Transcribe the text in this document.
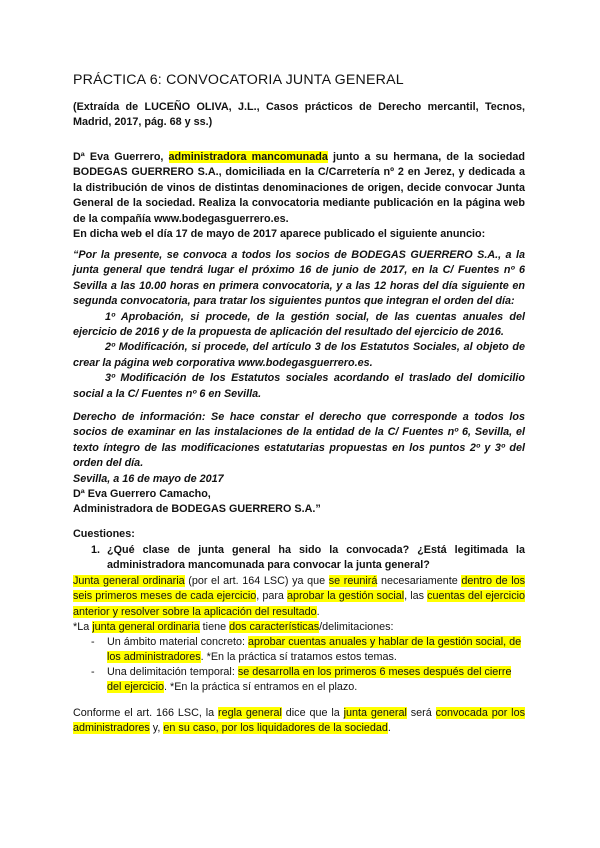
PRÁCTICA 6: CONVOCATORIA JUNTA GENERAL
(Extraída de LUCEÑO OLIVA, J.L., Casos prácticos de Derecho mercantil, Tecnos, Madrid, 2017, pág. 68 y ss.)
Dª Eva Guerrero, administradora mancomunada junto a su hermana, de la sociedad BODEGAS GUERRERO S.A., domiciliada en la C/Carretería nº 2 en Jerez, y dedicada a la distribución de vinos de distintas denominaciones de origen, decide convocar Junta General de la sociedad. Realiza la convocatoria mediante publicación en la página web de la compañía www.bodegasguerrero.es.
En dicha web el día 17 de mayo de 2017 aparece publicado el siguiente anuncio:
“Por la presente, se convoca a todos los socios de BODEGAS GUERRERO S.A., a la junta general que tendrá lugar el próximo 16 de junio de 2017, en la C/ Fuentes nº 6 Sevilla a las 10.00 horas en primera convocatoria, y a las 12 horas del día siguiente en segunda convocatoria, para tratar los siguientes puntos que integran el orden del día:
1º Aprobación, si procede, de la gestión social, de las cuentas anuales del ejercicio de 2016 y de la propuesta de aplicación del resultado del ejercicio de 2016.
2º Modificación, si procede, del artículo 3 de los Estatutos Sociales, al objeto de crear la página web corporativa www.bodegasguerrero.es.
3º Modificación de los Estatutos sociales acordando el traslado del domicilio social a la C/ Fuentes nº 6 en Sevilla.
Derecho de información: Se hace constar el derecho que corresponde a todos los socios de examinar en las instalaciones de la entidad de la C/ Fuentes nº 6, Sevilla, el texto íntegro de las modificaciones estatutarias propuestas en los puntos 2º y 3º del orden del día.
Sevilla, a 16 de mayo de 2017
Dª Eva Guerrero Camacho,
Administradora de BODEGAS GUERRERO S.A.”
Cuestiones:
1. ¿Qué clase de junta general ha sido la convocada? ¿Está legitimada la administradora mancomunada para convocar la junta general?
Junta general ordinaria (por el art. 164 LSC) ya que se reunirá necesariamente dentro de los seis primeros meses de cada ejercicio, para aprobar la gestión social, las cuentas del ejercicio anterior y resolver sobre la aplicación del resultado.
*La junta general ordinaria tiene dos características/delimitaciones:
- Un ámbito material concreto: aprobar cuentas anuales y hablar de la gestión social, de los administradores. *En la práctica sí tratamos estos temas.
- Una delimitación temporal: se desarrolla en los primeros 6 meses después del cierre del ejercicio. *En la práctica sí entramos en el plazo.
Conforme el art. 166 LSC, la regla general dice que la junta general será convocada por los administradores y, en su caso, por los liquidadores de la sociedad.
